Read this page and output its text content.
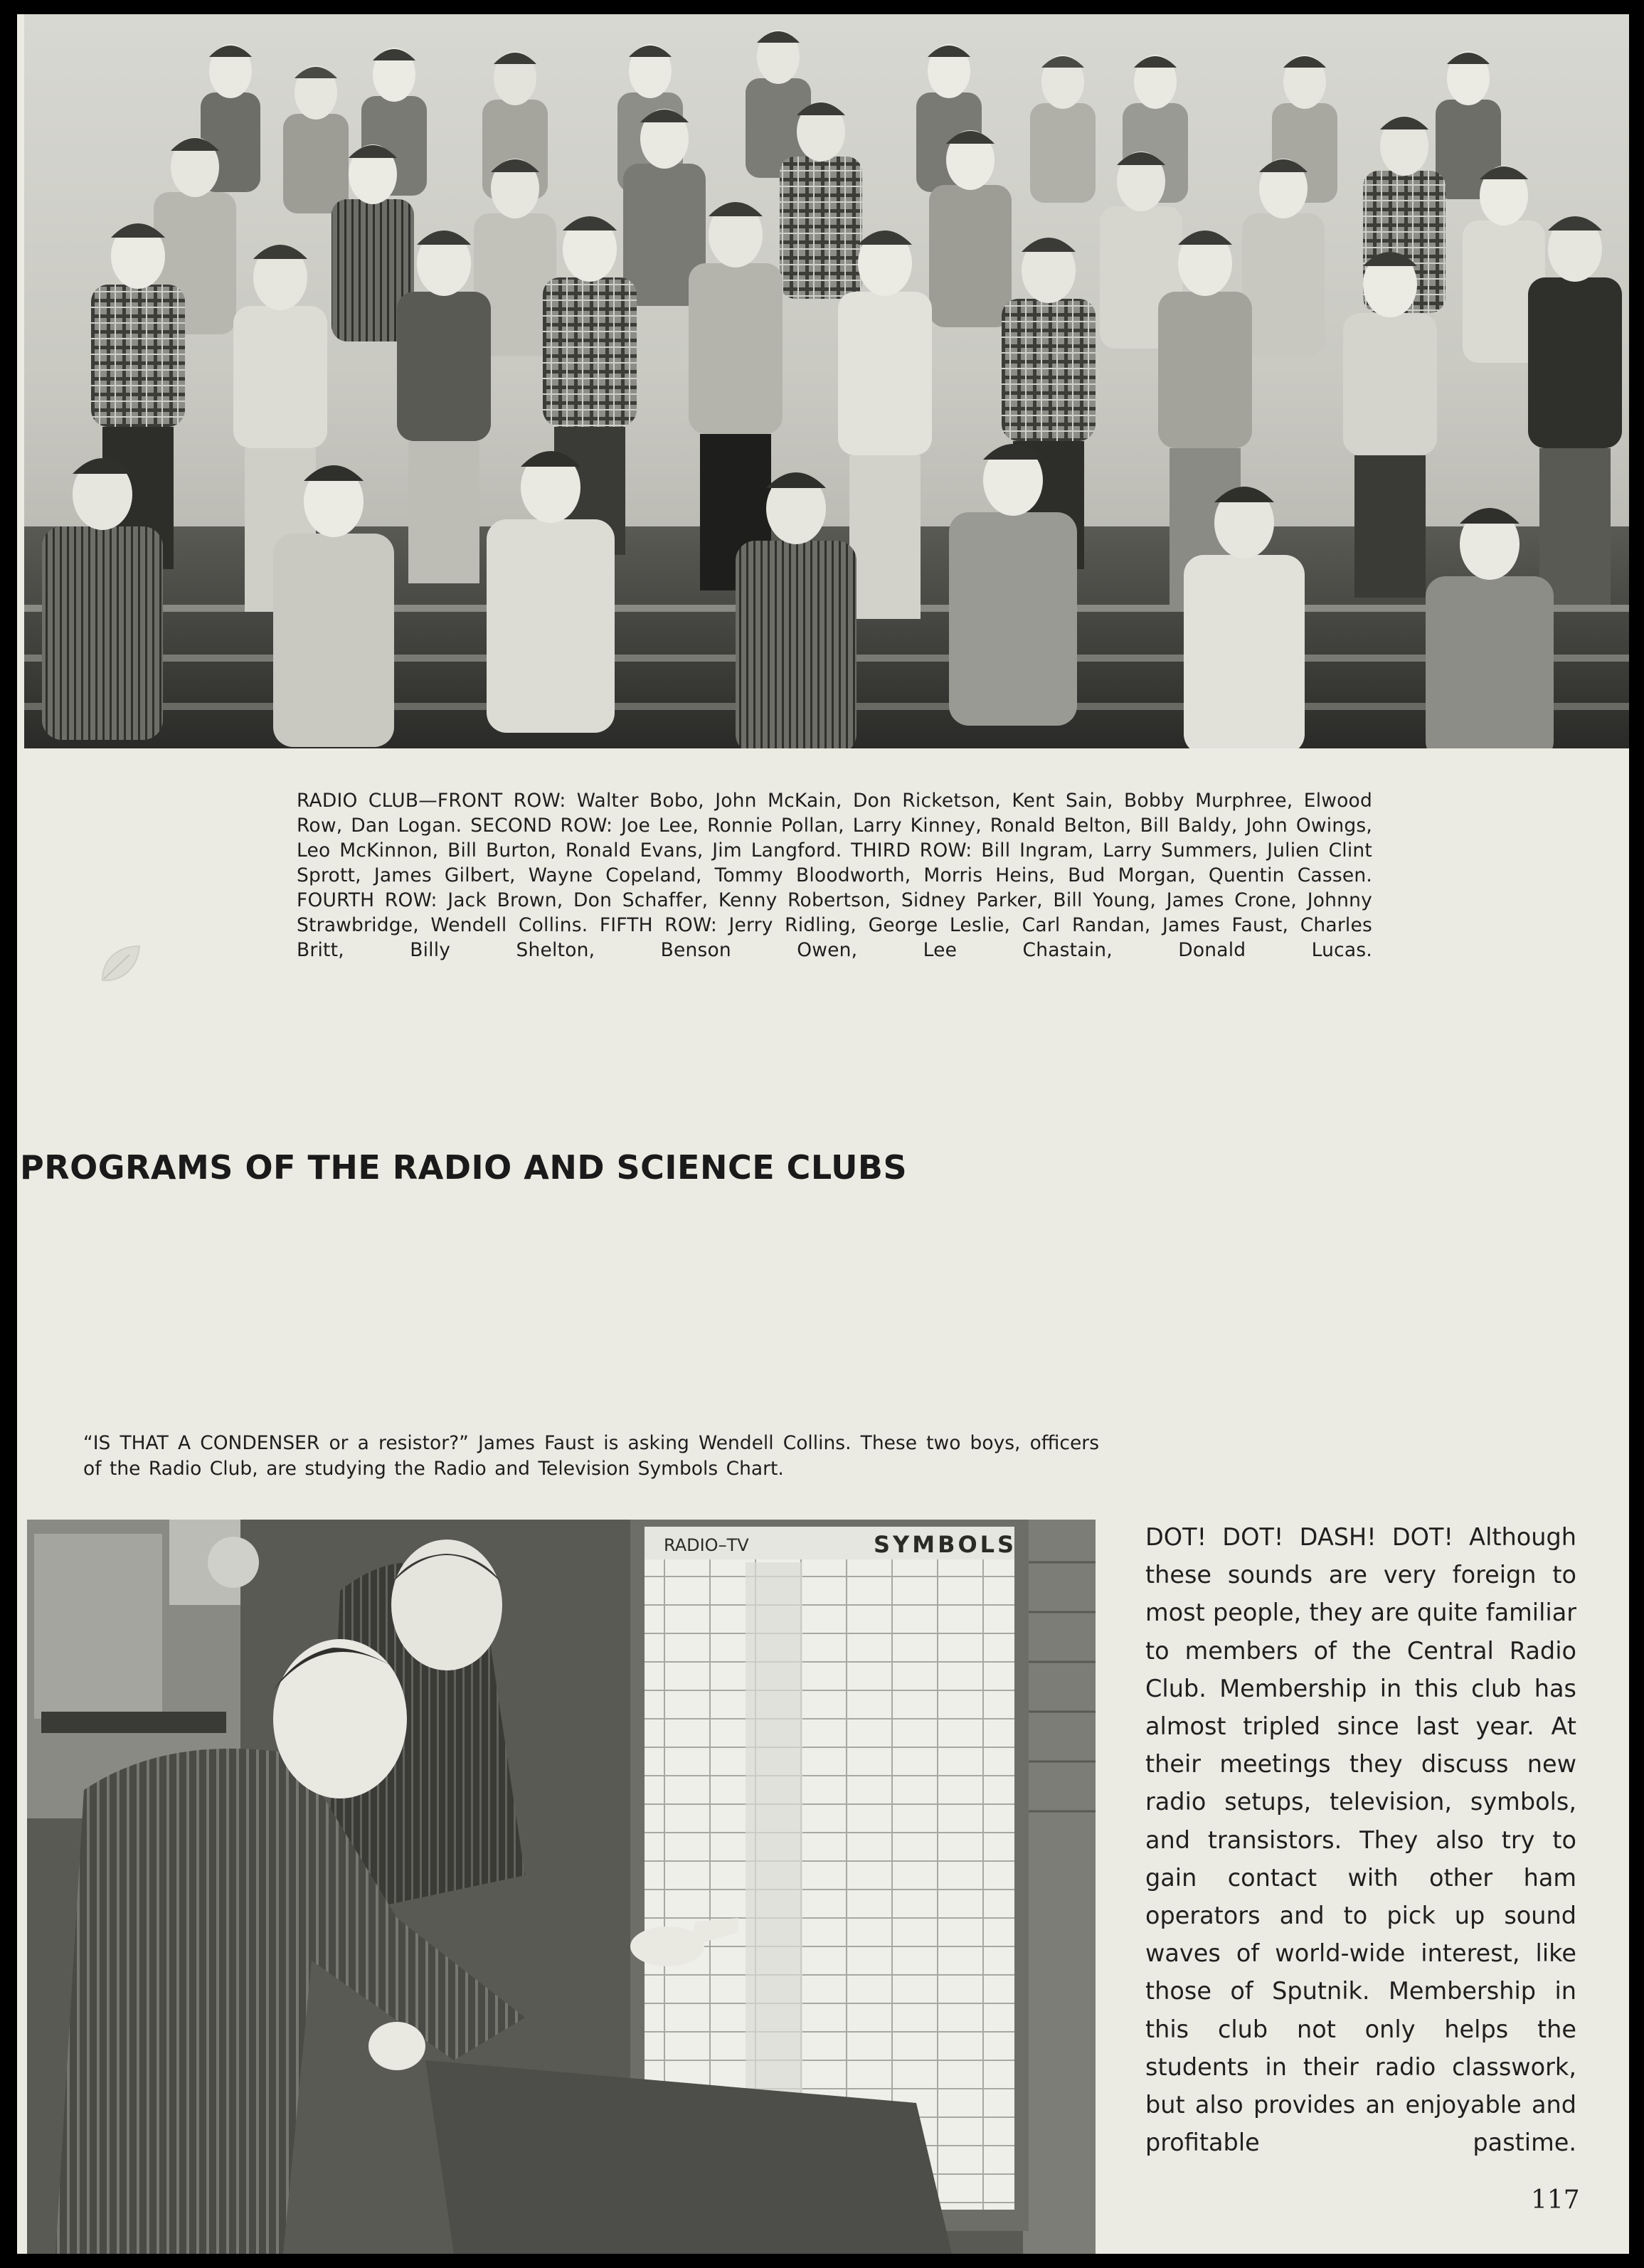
RADIO CLUB—FRONT ROW: Walter Bobo, John McKain, Don Ricketson, Kent Sain, Bobby Murphree, Elwood Row, Dan Logan. SECOND ROW: Joe Lee, Ronnie Pollan, Larry Kinney, Ronald Belton, Bill Baldy, John Owings, Leo McKinnon, Bill Burton, Ronald Evans, Jim Langford. THIRD ROW: Bill Ingram, Larry Summers, Julien Clint Sprott, James Gilbert, Wayne Copeland, Tommy Bloodworth, Morris Heins, Bud Morgan, Quentin Cassen. FOURTH ROW: Jack Brown, Don Schaffer, Kenny Robertson, Sidney Parker, Bill Young, James Crone, Johnny Strawbridge, Wendell Collins. FIFTH ROW: Jerry Ridling, George Leslie, Carl Randan, James Faust, Charles Britt, Billy Shelton, Benson Owen, Lee Chastain, Donald Lucas.
PROGRAMS OF THE RADIO AND SCIENCE CLUBS
“IS THAT A CONDENSER or a resistor?” James Faust is asking Wendell Collins. These two boys, officers of the Radio Club, are studying the Radio and Television Symbols Chart.
RADIO–TV	SYMBOLS	DOT! DOT! DASH! DOT! Although these sounds are very foreign to most people, they are quite familiar to members of the Central Radio Club. Membership in this club has almost tripled since last year. At their meetings they discuss new radio setups, television, symbols, and transistors. They also try to gain contact with other ham operators and to pick up sound waves of world-wide interest, like those of Sputnik. Membership in this club not only helps the students in their radio classwork, but also provides an enjoyable and profitable pastime.

117
